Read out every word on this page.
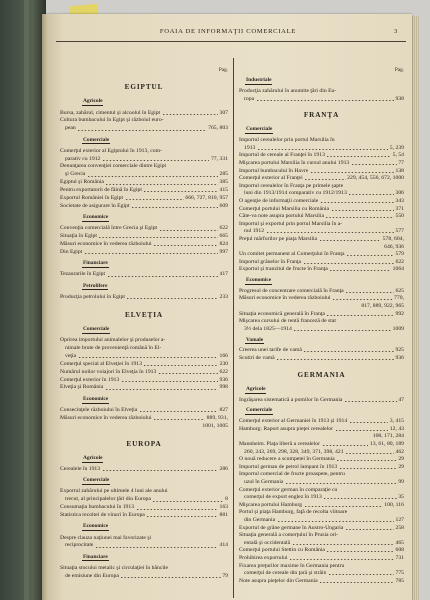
FOAIA DE INFORMAŢII COMERCIALE	3
Pag.
EGIPTUL
Agricole
Bursa, zahărul, cimentul şi alcoolul în Egipt	307
Cultura bumbacului în Egipt şi războiul euro-
pean	765, 803
Comerciale
Comerţul exterior al Egiptului în 1913, com-
parativ cu 1912	77, 331
Denunţarea convenţiei comerciale dintre Egipt
şi Grecia	285
Egiptul şi România	385
Pentru exportatorii de făină în Egipt	415
Exportul României în Egipt	666, 727, 810, 957
Societate de asigurare în Egipt	609
Economice
Convenţia comercială între Grecia şi Egipt	622
Situaţia în Egipt	665
Măsuri economice în vederea războiului	824
Din Egipt	997
Financiare
Tezaurarile în Egipt	417
Petrolifere
Producţia petrolului în Egipt	233
ELVEŢIA
Comerciale
Oprirea importului animalelor şi produselor a-
nimale brute de provenienţă română în El-
veţia	166
Comerţul special al Elveţiei în 1913	230
Numărul noilor voiajori în Elveţia în 1913	622
Comerţul exterior în 1913	936
Elveţia şi România	998
Economice
Consecinţele războiului în Elveţia	827
Măsuri economice în vederea războiului	889, 931,
1001, 1005
EUROPA
Agricole
Cerealele în 1913	286
Comerciale
Exportul zahărului pe ultimele 4 luni ale anului
trecut, al principalelor ţări din Europa	8
Consumaţia bumbacului în 1913	163
Statistica recoltei de vinuri în Europa	881
Economice
Despre clauza naţiunei mai favorizate şi
reciprocitate	414
Financiare
Situaţia stocului metalic şi circulaţiei în băncile
de emisiune din Europa	79
Pag.
Industriale
Producţia zahărului în anumite ţări din Eu-
ropa	938
FRANŢA
Comerciale
Importul cerealelor prin portul Marsilia în
1913	5, 239
Importul de cereale al Franţei în 1913	5, 54
Mişcarea portului Marsilia în cursul anului 1913	77
Importul bumbacului în Havre	138
Comerţul exterior al Franţei	229, 454, 556, 672, 1000
Importul cerealelor în Franţa pe primele şapte
luni din 1913/1914 comparativ cu 1912/1913	306
O agenţie de informaţii comerciale	343
Comerţul portului Marsilia cu România	371
Câte-va note asupra portului Marsilia	550
Importul şi exportul prin portul Marsilia în a-
nul 1912	577
Preţul mărfurilor pe piaţa Marsilia	578, 604,
646, 936
Un comitet permanent al Comerţului în Franţa	579
Importul grânelor în Franţa	622
Exportul şi tranzitul de fructe în Franţa	1064
Economice
Progresul de concentrare comercială în Franţa	625
Măsuri economice în vederea războiului	770,
817, 889, 922, 965
Situaţia economică generală în Franţa	992
Mişcarea cursului de rentă franceză de stat
3½ dela 1825—1914	1009
Vamale
Creerea unei tarife de vamă	925
Scutiri de vamă	936
GERMANIA
Agricole
Ingrăşarea sistematică a pomilor în Germania	47
Comerciale
Comerţul exterior al Germaniei în 1913 şi 1914	3, 415
Hamburg: Raport asupra pieţei cerealelor	12, 43
108, 171, 284
Mannheim. Piaţa liberă a cerealelor	13, 61, 80, 189
260, 243, 269, 298, 328, 349, 371, 398, 421	462
O nouă reducere a scumpetei în Germania	29
Importul german de petrol lampant în 1913	29
Importul comercial de fructe proaspete, pentru
uzul în Germania	99
Comerţul exterior german în comparaţie cu
comerţul de export englez în 1913	35
Mişcarea portului Hamburg	100, 116
Portul şi piaţa Hamburg, faţă de recolta viitoare
din Germania	127
Exportul de grâne germane în Austro-Ungaria	258
Situaţia generală a comerţului în Prusia ori-
entală şi occidentală	465
Comerţul portului Stettin cu România	608
Prohibirea exportului	731
Fixarea preţurilor maxime în Germania pentru
comerţul de cereale din ţară şi străin	775
Note asupra pieţelor din Germania	785
